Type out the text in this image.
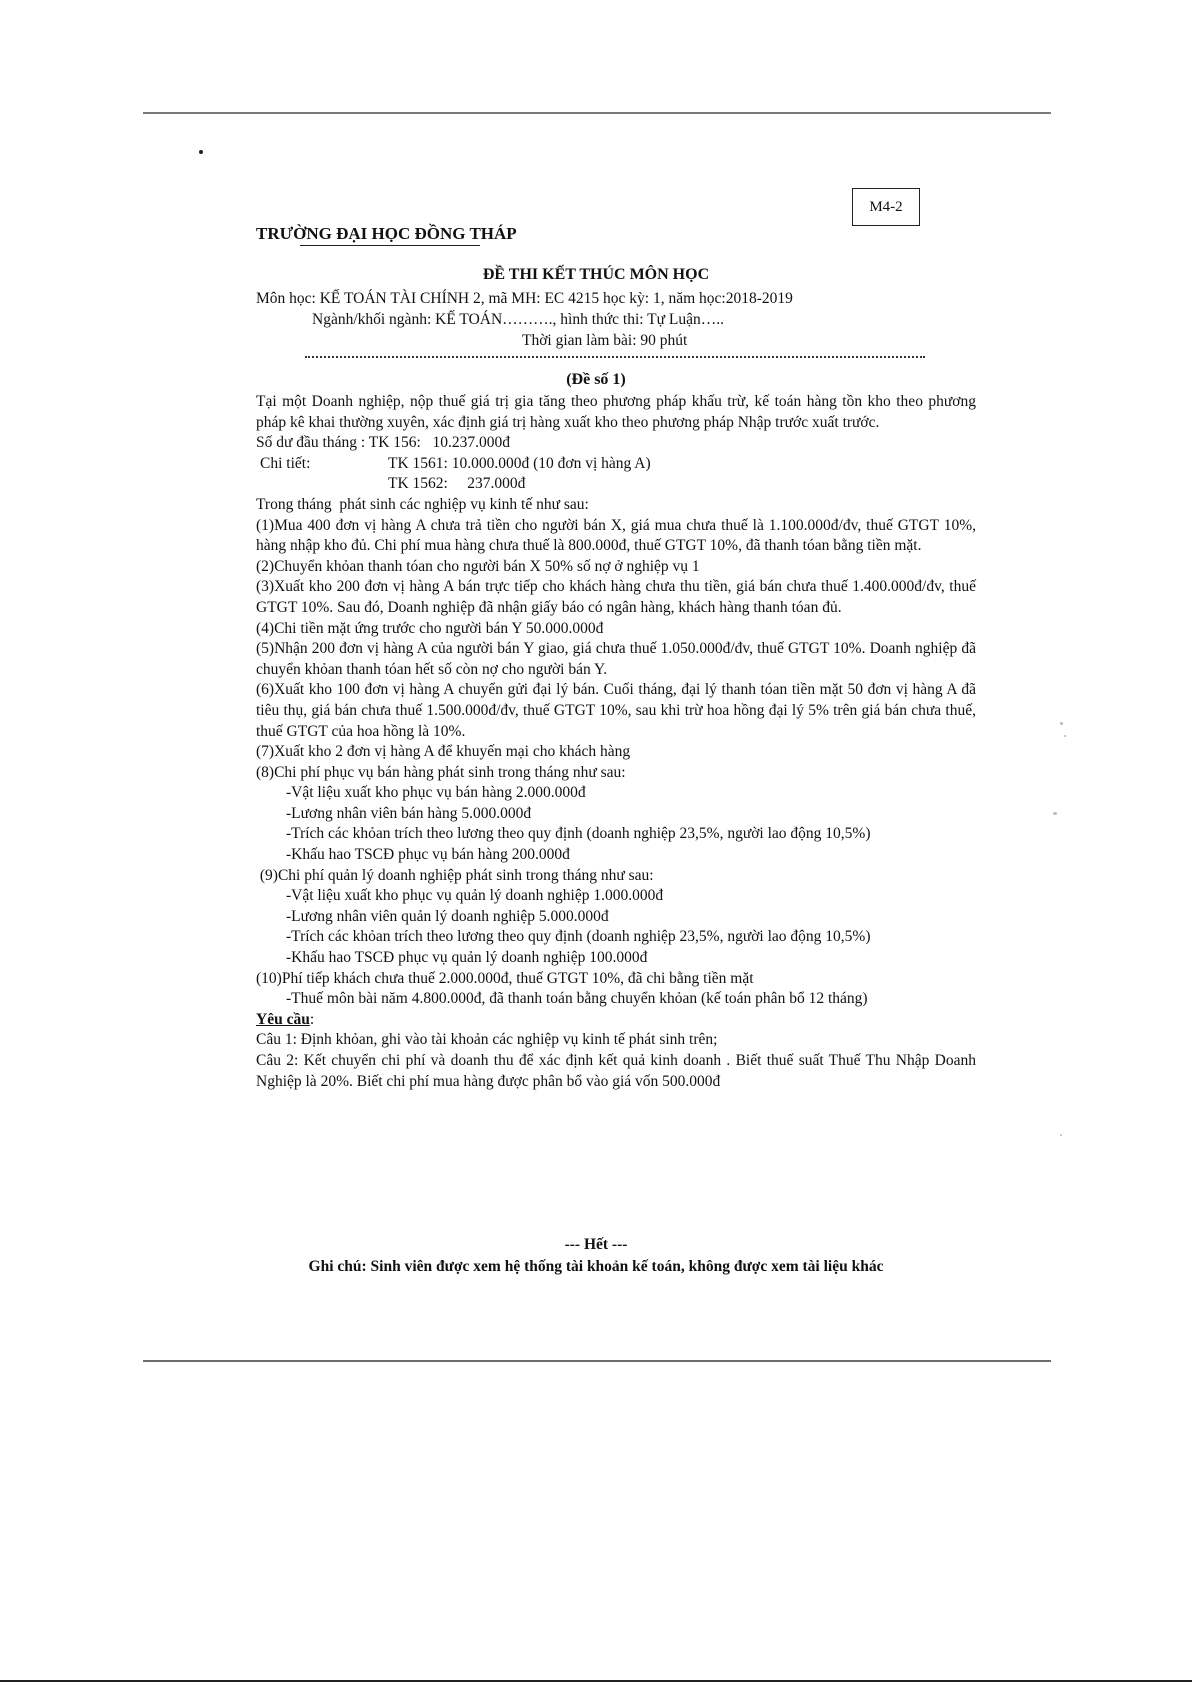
M4-2
TRƯỜNG ĐẠI HỌC ĐỒNG THÁP
ĐỀ THI KẾT THÚC MÔN HỌC
Môn học: KẾ TOÁN TÀI CHÍNH 2, mã MH: EC 4215 học kỳ: 1, năm học:2018-2019
Ngành/khối ngành: KẾ TOÁN………., hình thức thi: Tự Luận…..
Thời gian làm bài: 90 phút
(Đề số 1)

Tại một Doanh nghiệp, nộp thuế giá trị gia tăng theo phương pháp khấu trừ, kế toán hàng tồn kho theo phương pháp kê khai thường xuyên, xác định giá trị hàng xuất kho theo phương pháp Nhập trước xuất trước.

Số dư đầu tháng : TK 156: 10.237.000đ

Chi tiết:	TK 1561: 10.000.000đ (10 đơn vị hàng A)

TK 1562:     237.000đ

Trong tháng  phát sinh các nghiệp vụ kinh tế như sau:

(1)Mua 400 đơn vị hàng A chưa trả tiền cho người bán X, giá mua chưa thuế là 1.100.000đ/đv, thuế GTGT 10%, hàng nhập kho đủ. Chi phí mua hàng chưa thuế là 800.000đ, thuế GTGT 10%, đã thanh tóan bằng tiền mặt.

(2)Chuyển khỏan thanh tóan cho người bán X 50% số nợ ở nghiệp vụ 1

(3)Xuất kho 200 đơn vị hàng A bán trực tiếp cho khách hàng chưa thu tiền, giá bán chưa thuế 1.400.000đ/đv, thuế GTGT 10%. Sau đó, Doanh nghiệp đã nhận giấy báo có ngân hàng, khách hàng thanh tóan đủ.

(4)Chi tiền mặt ứng trước cho người bán Y 50.000.000đ

(5)Nhận 200 đơn vị hàng A của người bán Y giao, giá chưa thuế 1.050.000đ/đv, thuế GTGT 10%. Doanh nghiệp đã chuyển khỏan thanh tóan hết số còn nợ cho người bán Y.

(6)Xuất kho 100 đơn vị hàng A chuyển gửi đại lý bán. Cuối tháng, đại lý thanh tóan tiền mặt 50 đơn vị hàng A đã tiêu thụ, giá bán chưa thuế 1.500.000đ/đv, thuế GTGT 10%, sau khi trừ hoa hồng đại lý 5% trên giá bán chưa thuế, thuế GTGT của hoa hồng là 10%.

(7)Xuất kho 2 đơn vị hàng A để khuyến mại cho khách hàng

(8)Chi phí phục vụ bán hàng phát sinh trong tháng như sau:

-Vật liệu xuất kho phục vụ bán hàng 2.000.000đ

-Lương nhân viên bán hàng 5.000.000đ

-Trích các khỏan trích theo lương theo quy định (doanh nghiệp 23,5%, người lao động 10,5%)

-Khấu hao TSCĐ phục vụ bán hàng 200.000đ

(9)Chi phí quản lý doanh nghiệp phát sinh trong tháng như sau:

-Vật liệu xuất kho phục vụ quản lý doanh nghiệp 1.000.000đ

-Lương nhân viên quản lý doanh nghiệp 5.000.000đ

-Trích các khỏan trích theo lương theo quy định (doanh nghiệp 23,5%, người lao động 10,5%)

-Khấu hao TSCĐ phục vụ quản lý doanh nghiệp 100.000đ

(10)Phí tiếp khách chưa thuế 2.000.000đ, thuế GTGT 10%, đã chi bằng tiền mặt

-Thuế môn bài năm 4.800.000đ, đã thanh toán bằng chuyển khỏan (kế toán phân bổ 12 tháng)

Yêu cầu:

Câu 1: Định khỏan, ghi vào tài khoản các nghiệp vụ kinh tế phát sinh trên;

Câu 2: Kết chuyển chi phí và doanh thu để xác định kết quả kinh doanh . Biết thuế suất Thuế Thu Nhập Doanh Nghiệp là 20%. Biết chi phí mua hàng được phân bổ vào giá vốn 500.000đ

--- Hết ---
Ghi chú: Sinh viên được xem hệ thống tài khoản kế toán, không được xem tài liệu khác
